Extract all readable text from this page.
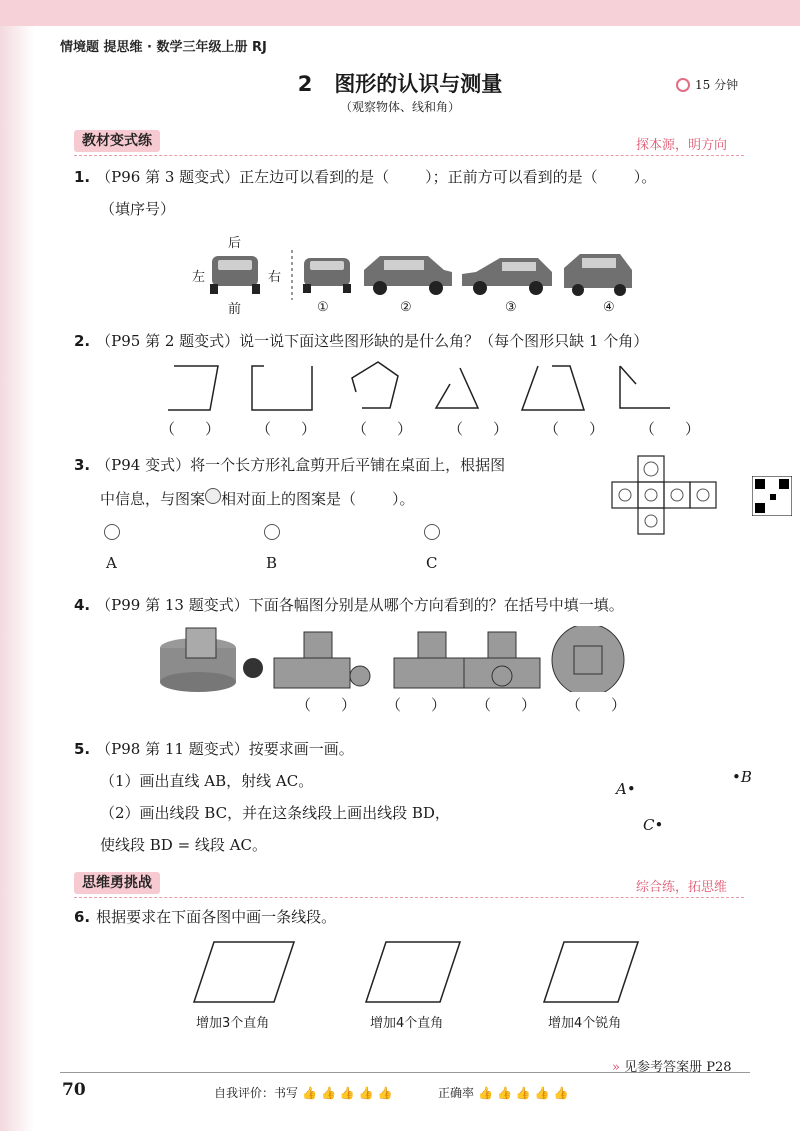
情境题 提思维 · 数学三年级上册 RJ
2 图形的认识与测量
（观察物体、线和角）
15 分钟
教材变式练	探本源，明方向
1. （P96 第 3 题变式）正左边可以看到的是（ ）；正前方可以看到的是（ ）。
（填序号）
后
左	右
前	①	②	③	④
2. （P95 第 2 题变式）说一说下面这些图形缺的是什么角？（每个图形只缺 1 个角）
（　　） （　　） （　　） （　　） （　　） （　　）
3. （P94 变式）将一个长方形礼盒剪开后平铺在桌面上，根据图
中信息，与图案 相对面上的图案是（ ）。
A	B	C
4. （P99 第 13 题变式）下面各幅图分别是从哪个方向看到的？在括号中填一填。
（　　） （　　） （　　） （　　）
5. （P98 第 11 题变式）按要求画一画。
（1）画出直线 AB，射线 AC。
（2）画出线段 BC，并在这条线段上画出线段 BD，
使线段 BD = 线段 AC。
A•
•B
C•
思维勇挑战	综合练，拓思维
6. 根据要求在下面各图中画一条线段。
增加3个直角	增加4个直角	增加4个锐角
» 见参考答案册 P28
70	自我评价：书写 👍 👍 👍 👍 👍	正确率 👍 👍 👍 👍 👍
